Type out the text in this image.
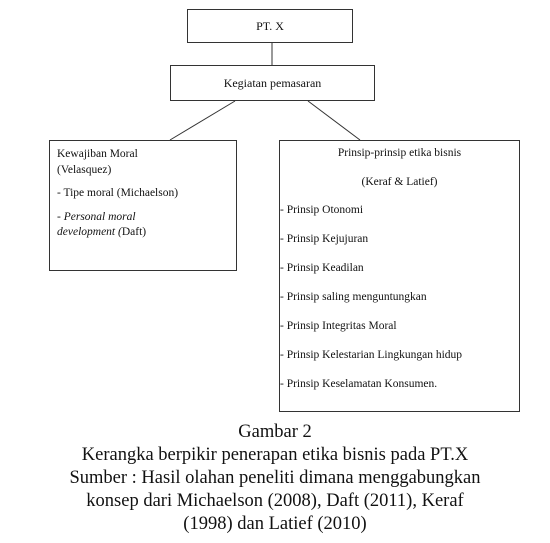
PT. X
Kegiatan pemasaran
Kewajiban Moral
(Velasquez)
- Tipe moral (Michaelson)
- Personal moral
development (Daft)
Prinsip-prinsip etika bisnis
(Keraf & Latief)
- Prinsip Otonomi
- Prinsip Kejujuran
- Prinsip Keadilan
- Prinsip saling menguntungkan
- Prinsip Integritas Moral
- Prinsip Kelestarian Lingkungan hidup
- Prinsip Keselamatan Konsumen.
Gambar 2
Kerangka berpikir penerapan etika bisnis pada PT.X
Sumber : Hasil olahan peneliti dimana menggabungkan
konsep dari Michaelson (2008), Daft (2011), Keraf
(1998) dan Latief (2010)
